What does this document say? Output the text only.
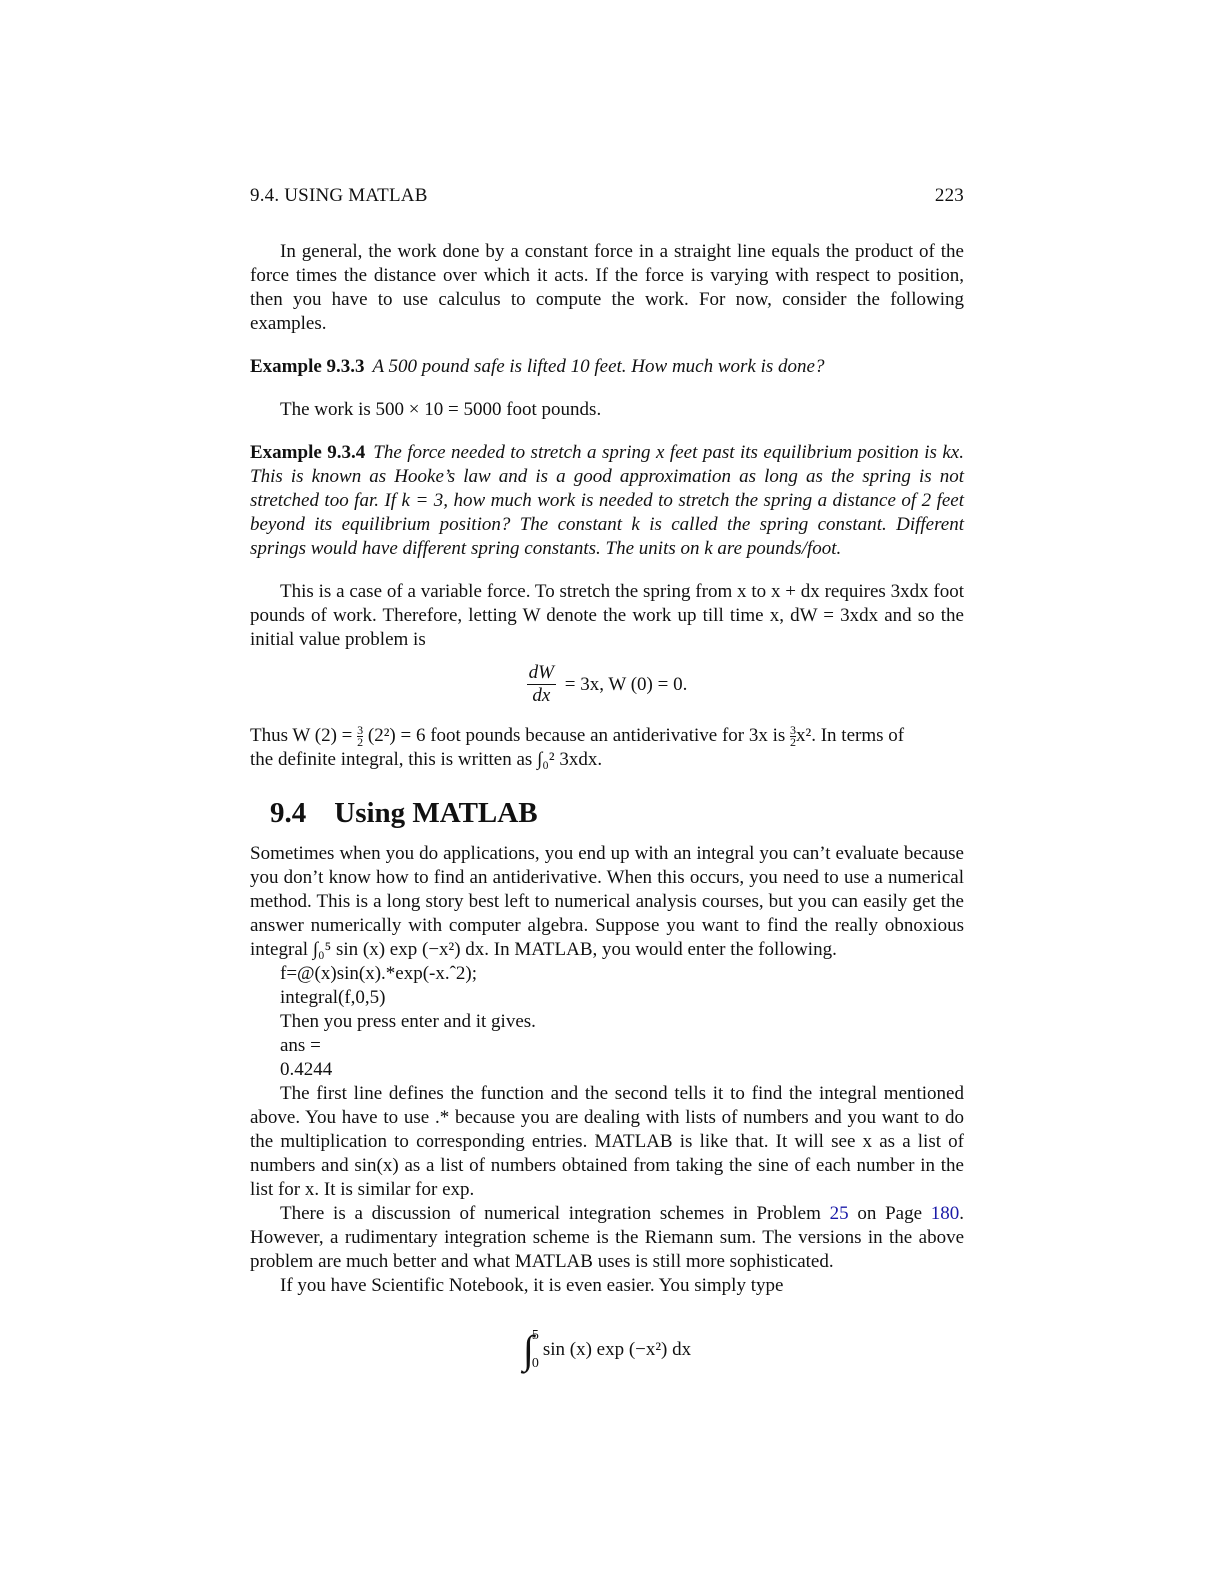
9.4. USING MATLAB	223

In general, the work done by a constant force in a straight line equals the product of the force times the distance over which it acts. If the force is varying with respect to position, then you have to use calculus to compute the work. For now, consider the following examples.

Example 9.3.3 A 500 pound safe is lifted 10 feet. How much work is done?

The work is 500 × 10 = 5000 foot pounds.

Example 9.3.4 The force needed to stretch a spring x feet past its equilibrium position is kx. This is known as Hooke’s law and is a good approximation as long as the spring is not stretched too far. If k = 3, how much work is needed to stretch the spring a distance of 2 feet beyond its equilibrium position? The constant k is called the spring constant. Different springs would have different spring constants. The units on k are pounds/foot.

This is a case of a variable force. To stretch the spring from x to x + dx requires 3xdx foot pounds of work. Therefore, letting W denote the work up till time x, dW = 3xdx and so the initial value problem is

$\frac{dW}{dx} = 3x$, W (0) = 0.

Thus W $(2) = \frac{3}{2} (2^2) = 6$ foot pounds because an antiderivative for 3x is $\frac{3}{2}x^2$. In terms of
the definite integral, this is written as ∫₀² 3xdx.

9.4 Using MATLAB

Sometimes when you do applications, you end up with an integral you can’t evaluate because you don’t know how to find an antiderivative. When this occurs, you need to use a numerical method. This is a long story best left to numerical analysis courses, but you can easily get the answer numerically with computer algebra. Suppose you want to find the really obnoxious integral ∫₀⁵ sin (x) exp (−x²) dx. In MATLAB, you would enter the following.

f=@(x)sin(x).*exp(-x.ˆ2);

integral(f,0,5)

Then you press enter and it gives.

ans =

0.4244

The first line defines the function and the second tells it to find the integral mentioned above. You have to use .* because you are dealing with lists of numbers and you want to do the multiplication to corresponding entries. MATLAB is like that. It will see x as a list of numbers and sin(x) as a list of numbers obtained from taking the sine of each number in the list for x. It is similar for exp.

There is a discussion of numerical integration schemes in Problem 25 on Page 180. However, a rudimentary integration scheme is the Riemann sum. The versions in the above problem are much better and what MATLAB uses is still more sophisticated.

If you have Scientific Notebook, it is even easier. You simply type

∫
5
0
sin (x) exp (−x²) dx
